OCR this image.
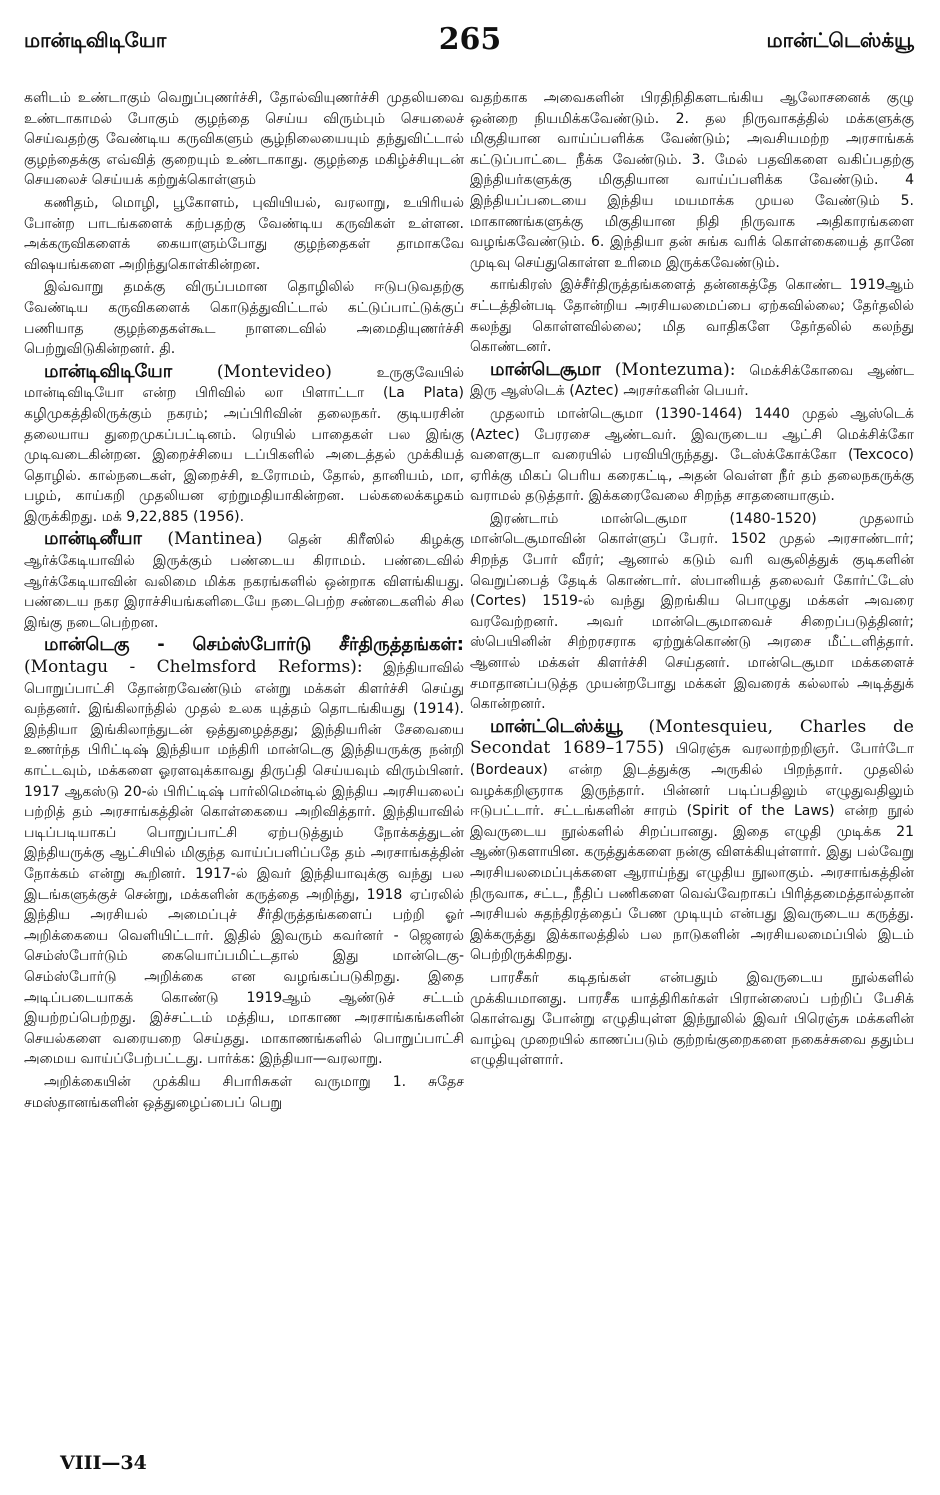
மான்டிவிடியோ	265	மான்ட்டெஸ்க்யூ

களிடம் உண்டாகும் வெறுப்புணர்ச்சி, தோல்வியுணர்ச்சி முதலியவை உண்டாகாமல் போகும் குழந்தை செய்ய விரும்பும் செயலைச் செய்வதற்கு வேண்டிய கருவிகளும் சூழ்நிலையையும் தந்துவிட்டால் குழந்தைக்கு எவ்வித் குறையும் உண்டாகாது. குழந்தை மகிழ்ச்சியுடன் செயலைச் செய்யக் கற்றுக்கொள்ளும்

கணிதம், மொழி, பூகோளம், புவியியல், வரலாறு, உயிரியல் போன்ற பாடங்களைக் கற்பதற்கு வேண்டிய கருவிகள் உள்ளன. அக்கருவிகளைக் கையாளும்போது குழந்தைகள் தாமாகவே விஷயங்களை அறிந்துகொள்கின்றன.

இவ்வாறு தமக்கு விருப்பமான தொழிலில் ஈடுபடுவதற்கு வேண்டிய கருவிகளைக் கொடுத்துவிட்டால் கட்டுப்பாட்டுக்குப் பணியாத குழந்தைகள்கூட நாளடைவில் அமைதியுணர்ச்சி பெற்றுவிடுகின்றனர். தி.

மான்டிவிடியோ	(Montevideo) உருகுவேயில் மான்டிவிடியோ என்ற பிரிவில் லா பிளாட்டா (La Plata) கழிமுகத்திலிருக்கும் நகரம்; அப்பிரிவின் தலைநகர். குடியரசின் தலையாய துறைமுகப்பட்டினம். ரெயில் பாதைகள் பல இங்கு முடிவடைகின்றன. இறைச்சியை டப்பிகளில் அடைத்தல் முக்கியத் தொழில். கால்நடைகள், இறைச்சி, உரோமம், தோல், தானியம், மா, பழம், காய்கறி முதலியன ஏற்றுமதியாகின்றன. பல்கலைக்கழகம் இருக்கிறது. மக் 9,22,885 (1956).

மான்டினீயா (Mantinea) தென் கிரீஸில் கிழக்கு ஆர்க்கேடியாவில் இருக்கும் பண்டைய கிராமம். பண்டைவில் ஆர்க்கேடியாவின் வலிமை மிக்க நகரங்களில் ஒன்றாக விளங்கியது. பண்டைய நகர இராச்சியங்களிடையே நடைபெற்ற சண்டைகளில் சில இங்கு நடைபெற்றன.

மான்டெகு - செம்ஸ்போர்டு சீர்திருத்தங்கள்: (Montagu - Chelmsford Reforms): இந்தியாவில் பொறுப்பாட்சி தோன்றவேண்டும் என்று மக்கள் கிளர்ச்சி செய்து வந்தனர். இங்கிலாந்தில் முதல் உலக யுத்தம் தொடங்கியது (1914). இந்தியா இங்கிலாந்துடன் ஒத்துழைத்தது; இந்தியரின் சேவையை உணர்ந்த பிரிட்டிஷ் இந்தியா மந்திரி மான்டெகு இந்தியருக்கு நன்றி காட்டவும், மக்களை ஓரளவுக்காவது திருப்தி செய்யவும் விரும்பினர். 1917 ஆகஸ்டு 20-ல் பிரிட்டிஷ் பார்லிமென்டில் இந்திய அரசியலைப் பற்றித் தம் அரசாங்கத்தின் கொள்கையை அறிவித்தார். இந்தியாவில் படிப்படியாகப் பொறுப்பாட்சி ஏற்படுத்தும் நோக்கத்துடன் இந்தியருக்கு ஆட்சியில் மிகுந்த வாய்ப்பளிப்பதே தம் அரசாங்கத்தின் நோக்கம் என்று கூறினர். 1917-ல் இவர் இந்தியாவுக்கு வந்து பல இடங்களுக்குச் சென்று, மக்களின் கருத்தை அறிந்து, 1918 ஏப்ரலில் இந்திய அரசியல் அமைப்புச் சீர்திருத்தங்களைப் பற்றி ஓர் அறிக்கையை வெளியிட்டார். இதில் இவரும் கவர்னர் - ஜெனரல் செம்ஸ்போர்டும் கையொப்பமிட்டதால் இது மான்டெகு-செம்ஸ்போர்டு அறிக்கை என வழங்கப்படுகிறது. இதை அடிப்படையாகக் கொண்டு 1919ஆம் ஆண்டுச் சட்டம் இயற்றப்பெற்றது. இச்சட்டம் மத்திய, மாகாண அரசாங்கங்களின் செயல்களை வரையறை செய்தது. மாகாணங்களில் பொறுப்பாட்சி அமைய வாய்ப்பேற்பட்டது. பார்க்க: இந்தியா—வரலாறு.

அறிக்கையின் முக்கிய சிபாரிசுகள் வருமாறு 1. சுதேச சமஸ்தானங்களின் ஒத்துழைப்பைப் பெறு

வதற்காக அவைகளின் பிரதிநிதிகளடங்கிய ஆலோசனைக் குழு ஒன்றை நியமிக்கவேண்டும். 2. தல நிருவாகத்தில் மக்களுக்கு மிகுதியான வாய்ப்பளிக்க வேண்டும்; அவசியமற்ற அரசாங்கக் கட்டுப்பாட்டை நீக்க வேண்டும். 3. மேல் பதவிகளை வகிப்பதற்கு இந்தியர்களுக்கு மிகுதியான வாய்ப்பளிக்க வேண்டும். 4 இந்தியப்படையை இந்திய மயமாக்க முயல வேண்டும் 5. மாகாணங்களுக்கு மிகுதியான நிதி நிருவாக அதிகாரங்களை வழங்கவேண்டும். 6. இந்தியா தன் சுங்க வரிக் கொள்கையைத் தானே முடிவு செய்துகொள்ள உரிமை இருக்கவேண்டும்.

காங்கிரஸ் இச்சீர்திருத்தங்களைத் தன்னகத்தே கொண்ட 1919ஆம் சட்டத்தின்படி தோன்றிய அரசியலமைப்பை ஏற்கவில்லை; தேர்தலில் கலந்து கொள்ளவில்லை; மித வாதிகளே தேர்தலில் கலந்து கொண்டனர்.

மான்டெசூமா (Montezuma): மெக்சிக்கோவை ஆண்ட இரு ஆஸ்டெக் (Aztec) அரசர்களின் பெயர்.

முதலாம் மான்டெசூமா (1390-1464) 1440 முதல் ஆஸ்டெக் (Aztec) பேரரசை ஆண்டவர். இவருடைய ஆட்சி மெக்சிக்கோ வளைகுடா வரையில் பரவியிருந்தது. டேஸ்க்கோக்கோ (Texcoco) ஏரிக்கு மிகப் பெரிய கரைகட்டி, அதன் வெள்ள நீர் தம் தலைநகருக்கு வராமல் தடுத்தார். இக்கரைவேலை சிறந்த சாதனையாகும்.

இரண்டாம் மான்டெசூமா (1480-1520) முதலாம் மான்டெசூமாவின் கொள்ளுப் பேரர். 1502 முதல் அரசாண்டார்; சிறந்த போர் வீரர்; ஆனால் கடும் வரி வசூலித்துக் குடிகளின் வெறுப்பைத் தேடிக் கொண்டார். ஸ்பானியத் தலைவர் கோர்ட்டேஸ் (Cortes) 1519-ல் வந்து இறங்கிய பொழுது மக்கள் அவரை வரவேற்றனர். அவர் மான்டெசூமாவைச் சிறைப்படுத்தினர்; ஸ்பெயினின் சிற்றரசராக ஏற்றுக்கொண்டு அரசை மீட்டளித்தார். ஆனால் மக்கள் கிளர்ச்சி செய்தனர். மான்டெசூமா மக்களைச் சமாதானப்படுத்த முயன்றபோது மக்கள் இவரைக் கல்லால் அடித்துக் கொன்றனர்.

மான்ட்டெஸ்க்யூ (Montesquieu, Charles de Secondat 1689–1755) பிரெஞ்சு வரலாற்றறிஞர். போர்டோ (Bordeaux) என்ற இடத்துக்கு அருகில் பிறந்தார். முதலில் வழக்கறிஞராக இருந்தார். பின்னர் படிப்பதிலும் எழுதுவதிலும் ஈடுபட்டார். சட்டங்களின் சாரம் (Spirit of the Laws) என்ற நூல் இவருடைய நூல்களில் சிறப்பானது. இதை எழுதி முடிக்க 21 ஆண்டுகளாயின. கருத்துக்களை நன்கு விளக்கியுள்ளார். இது பல்வேறு அரசியலமைப்புக்களை ஆராய்ந்து எழுதிய நூலாகும். அரசாங்கத்தின் நிருவாக, சட்ட, நீதிப் பணிகளை வெவ்வேறாகப் பிரித்தமைத்தால்தான் அரசியல் சுதந்திரத்தைப் பேண முடியும் என்பது இவருடைய கருத்து. இக்கருத்து இக்காலத்தில் பல நாடுகளின் அரசியலமைப்பில் இடம் பெற்றிருக்கிறது.

பாரசீகர் கடிதங்கள் என்பதும் இவருடைய நூல்களில் முக்கியமானது. பாரசீக யாத்திரிகர்கள் பிரான்ஸைப் பற்றிப் பேசிக் கொள்வது போன்று எழுதியுள்ள இந்நூலில் இவர் பிரெஞ்சு மக்களின் வாழ்வு முறையில் காணப்படும் குற்றங்குறைகளை நகைச்சுவை ததும்ப எழுதியுள்ளார்.

VIII—34
